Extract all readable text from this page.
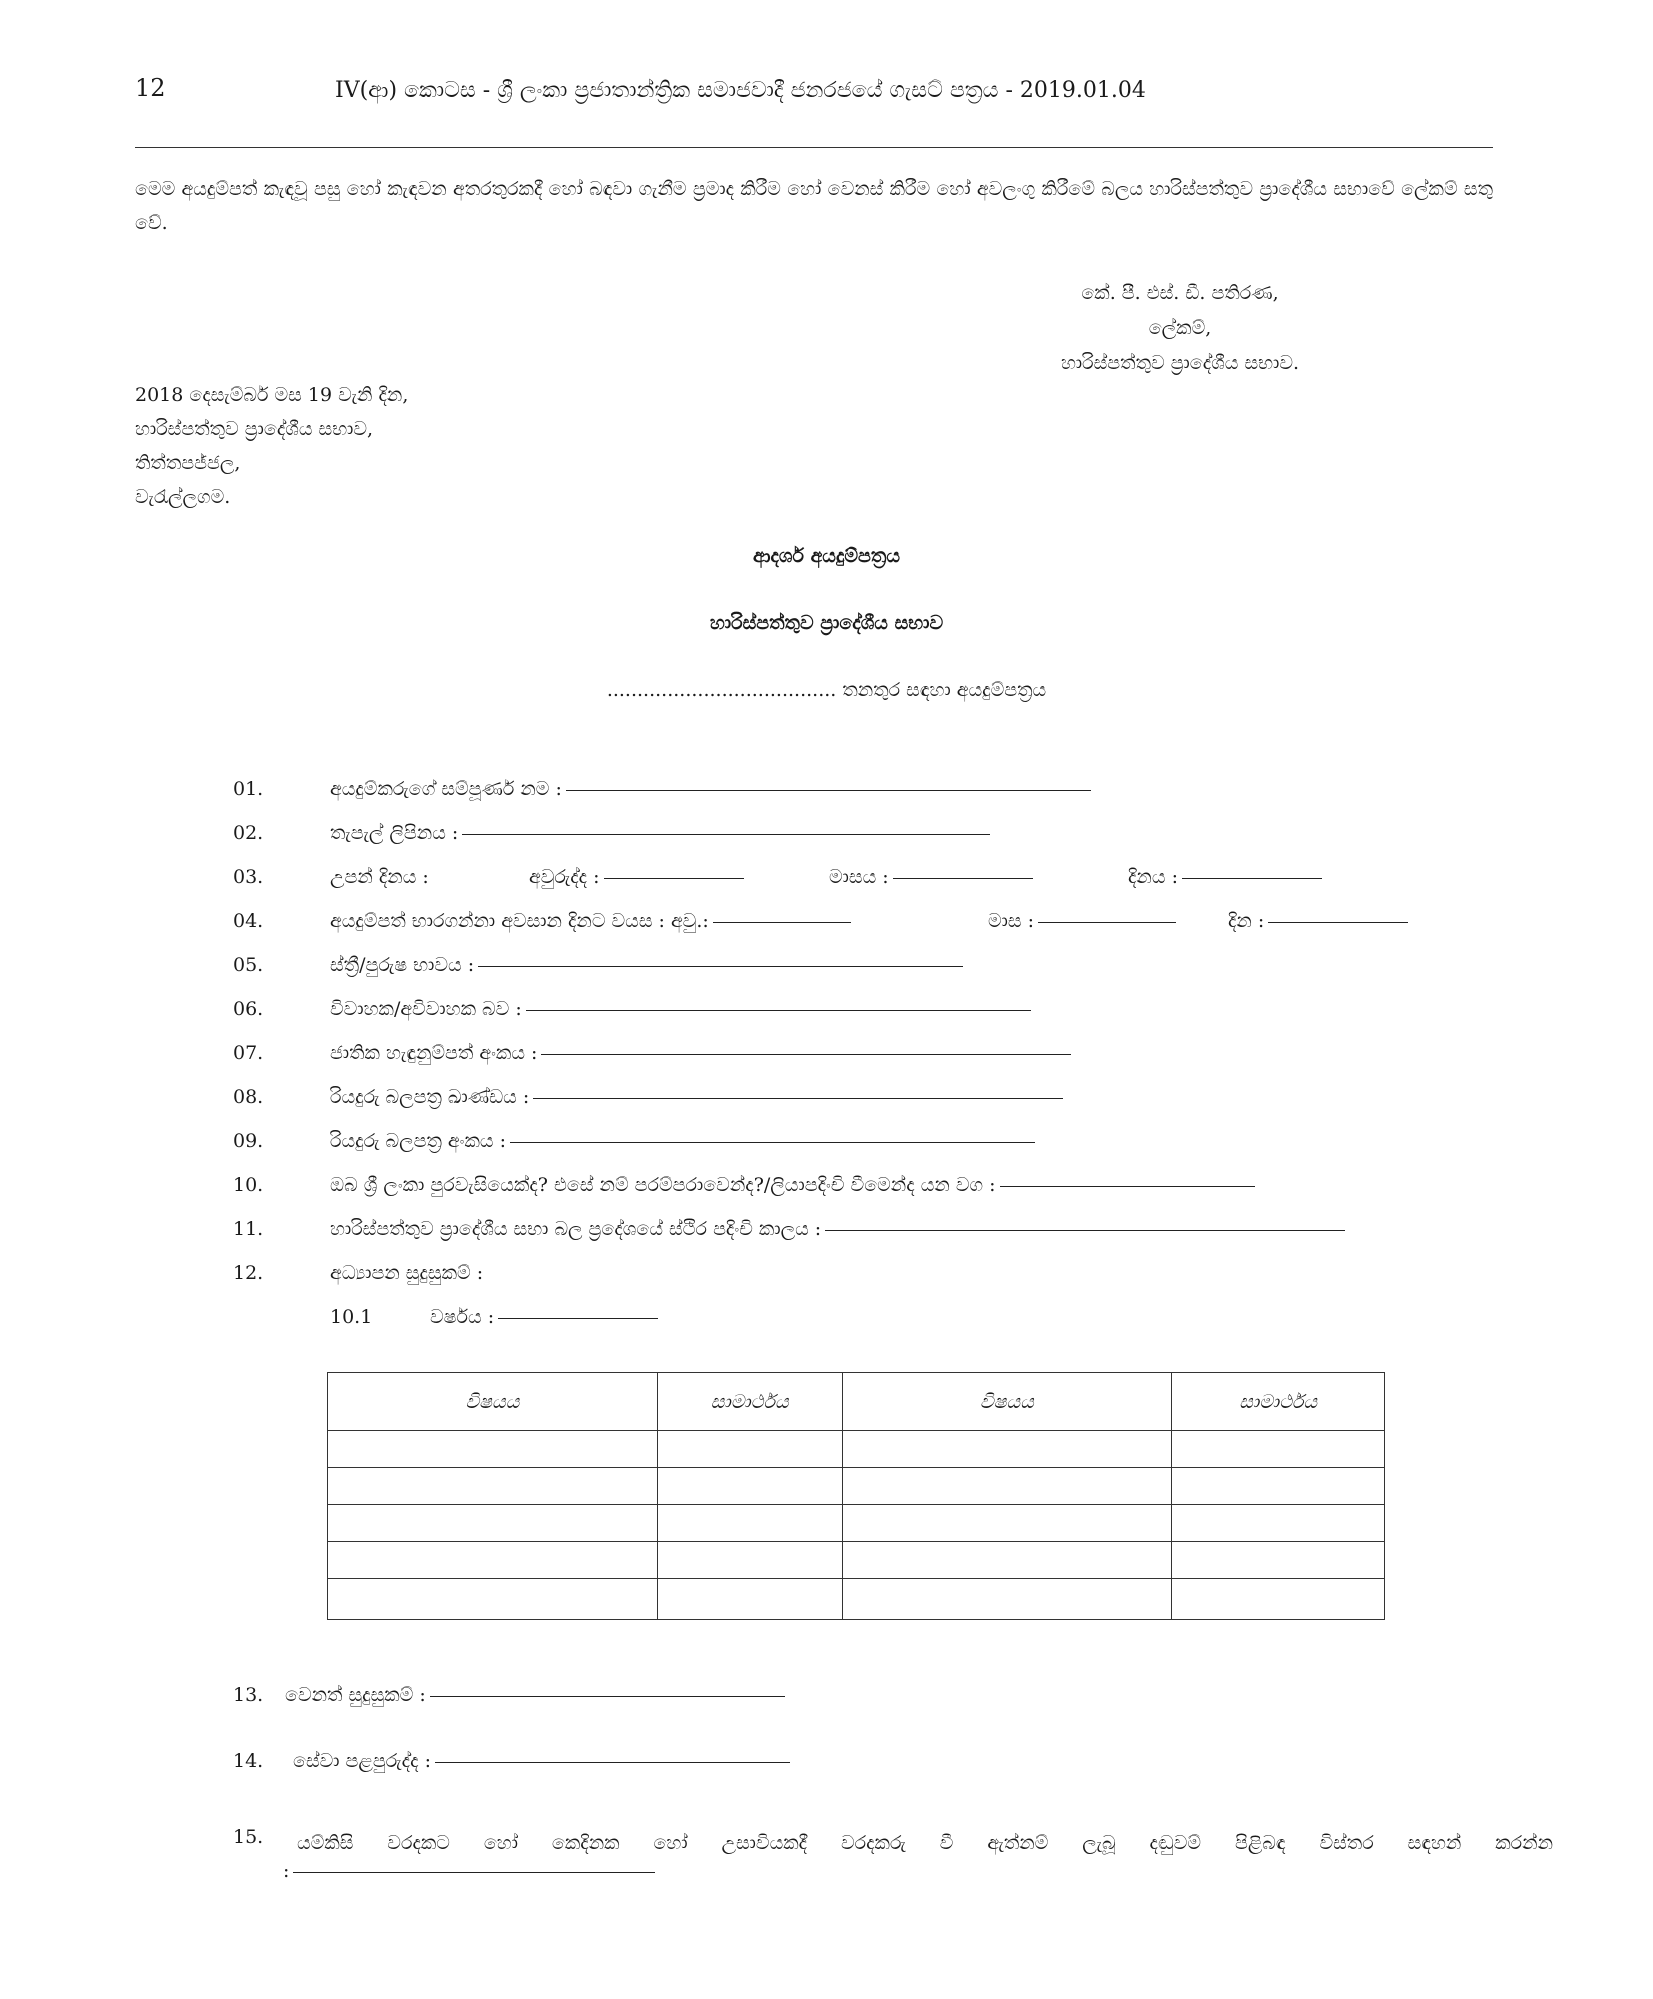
12	IV(ආ) කොටස - ශ්‍රී ලංකා ප්‍රජාතාන්ත්‍රික සමාජවාදී ජනරජයේ ගැසට් පත්‍රය - 2019.01.04
මෙම අයදුම්පත් කැඳවූ පසු හෝ කැඳවන අතරතුරකදී හෝ බඳවා ගැනීම ප්‍රමාද කිරීම හෝ වෙනස් කිරීම හෝ අවලංගු කිරීමේ බලය හාරිස්පත්තුව ප්‍රාදේශීය සභාවේ ලේකම් සතු වේ.
කේ. පී. එස්. ඩී. පතිරණ,
ලේකම්,
හාරිස්පත්තුව ප්‍රාදේශීය සභාව.
2018 දෙසැම්බර් මස 19 වැනි දින,
හාරිස්පත්තුව ප්‍රාදේශීය සභාව,
තිත්තපජ්ජල,
වැරැල්ලගම.
ආදර්ශ අයදුම්පත්‍රය
හාරිස්පත්තුව ප්‍රාදේශීය සභාව
...................................... තනතුර සඳහා අයදුම්පත්‍රය
01.	අයදුම්කරුගේ සම්පූර්ණ නම :
02.	තැපැල් ලිපිනය :
03.	උපන් දිනය :	අවුරුද්ද :	මාසය :	දිනය :
04.	අයදුම්පත් භාරගන්නා අවසාන දිනට වයස : අවු.:	මාස :	දින :
05.	ස්ත්‍රී/පුරුෂ භාවය :
06.	විවාහක/අවිවාහක බව :
07.	ජාතික හැඳුනුම්පත් අංකය :
08.	රියදුරු බලපත්‍ර ඛාණ්ඩය :
09.	රියදුරු බලපත්‍ර අංකය :
10.	ඔබ ශ්‍රී ලංකා පුරවැසියෙක්ද? එසේ නම් පරම්පරාවෙන්ද?/ලියාපදිංචි වීමෙන්ද යන වග :
11.	හාරිස්පත්තුව ප්‍රාදේශීය සභා බල ප්‍රදේශයේ ස්ථිර පදිංචි කාලය :
12.	අධ්‍යාපන සුදුසුකම් :
10.1	වර්ෂය :
විෂයය	සාමාර්ථය	විෂයය	සාමාර්ථය

13. වෙනත් සුදුසුකම් :
14. සේවා පළපුරුද්ද :
15. යම්කිසි වරදකට හෝ කෙදිනක හෝ උසාවියකදී වරදකරු වී ඇත්නම් ලැබූ දඬුවම් පිළිබඳ විස්තර සඳහන් කරන්න
:
